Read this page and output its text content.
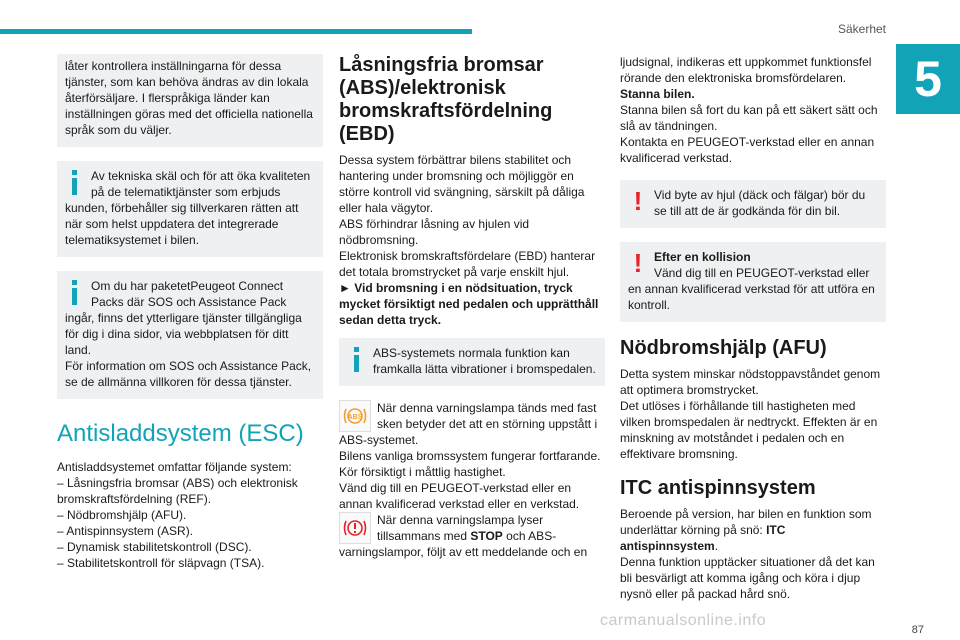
Säkerhet
5

låter kontrollera inställningarna för dessa tjänster, som kan behöva ändras av din lokala återförsäljare. I flerspråkiga länder kan inställningen göras med det officiella nationella språk som du väljer.

Av tekniska skäl och för att öka kvaliteten på de telematiktjänster som erbjuds kunden, förbehåller sig tillverkaren rätten att när som helst uppdatera det integrerade telematiksystemet i bilen.

Om du har paketetPeugeot Connect Packs där SOS och Assistance Pack ingår, finns det ytterligare tjänster tillgängliga för dig i dina sidor, via webbplatsen för ditt land.

För information om SOS och Assistance Pack, se de allmänna villkoren för dessa tjänster.

Antisladdsystem (ESC)

Antisladdsystemet omfattar följande system:

– Låsningsfria bromsar (ABS) och elektronisk bromskraftsfördelning (REF).

– Nödbromshjälp (AFU).

– Antispinnsystem (ASR).

– Dynamisk stabilitetskontroll (DSC).

– Stabilitetskontroll för släpvagn (TSA).

Låsningsfria bromsar (ABS)/elektronisk bromskraftsfördelning (EBD)

Dessa system förbättrar bilens stabilitet och hantering under bromsning och möjliggör en större kontroll vid svängning, särskilt på dåliga eller hala vägytor.

ABS förhindrar låsning av hjulen vid nödbromsning.

Elektronisk bromskraftsfördelare (EBD) hanterar det totala bromstrycket på varje enskilt hjul.

► Vid bromsning i en nödsituation, tryck mycket försiktigt ned pedalen och upprätthåll sedan detta tryck.

ABS-systemets normala funktion kan framkalla lätta vibrationer i bromspedalen.

ABS

När denna varningslampa tänds med fast sken betyder det att en störning uppstått i ABS-systemet.

Bilens vanliga bromssystem fungerar fortfarande.

Kör försiktigt i måttlig hastighet.

Vänd dig till en PEUGEOT-verkstad eller en annan kvalificerad verkstad eller en verkstad.

När denna varningslampa lyser tillsammans med STOP och ABS-varningslampor, följt av ett meddelande och en

ljudsignal, indikeras ett uppkommet funktionsfel rörande den elektroniska bromsfördelaren.

Stanna bilen.

Stanna bilen så fort du kan på ett säkert sätt och slå av tändningen.

Kontakta en PEUGEOT-verkstad eller en annan kvalificerad verkstad.

! Vid byte av hjul (däck och fälgar) bör du se till att de är godkända för din bil.

! Efter en kollision

Vänd dig till en PEUGEOT-verkstad eller en annan kvalificerad verkstad för att utföra en kontroll.

Nödbromshjälp (AFU)

Detta system minskar nödstoppavståndet genom att optimera bromstrycket.

Det utlöses i förhållande till hastigheten med vilken bromspedalen är nedtryckt. Effekten är en minskning av motståndet i pedalen och en effektivare bromsning.

ITC antispinnsystem

Beroende på version, har bilen en funktion som underlättar körning på snö: ITC antispinnsystem.

Denna funktion upptäcker situationer då det kan bli besvärligt att komma igång och köra i djup nysnö eller på packad hård snö.

carmanualsonline.info
87
